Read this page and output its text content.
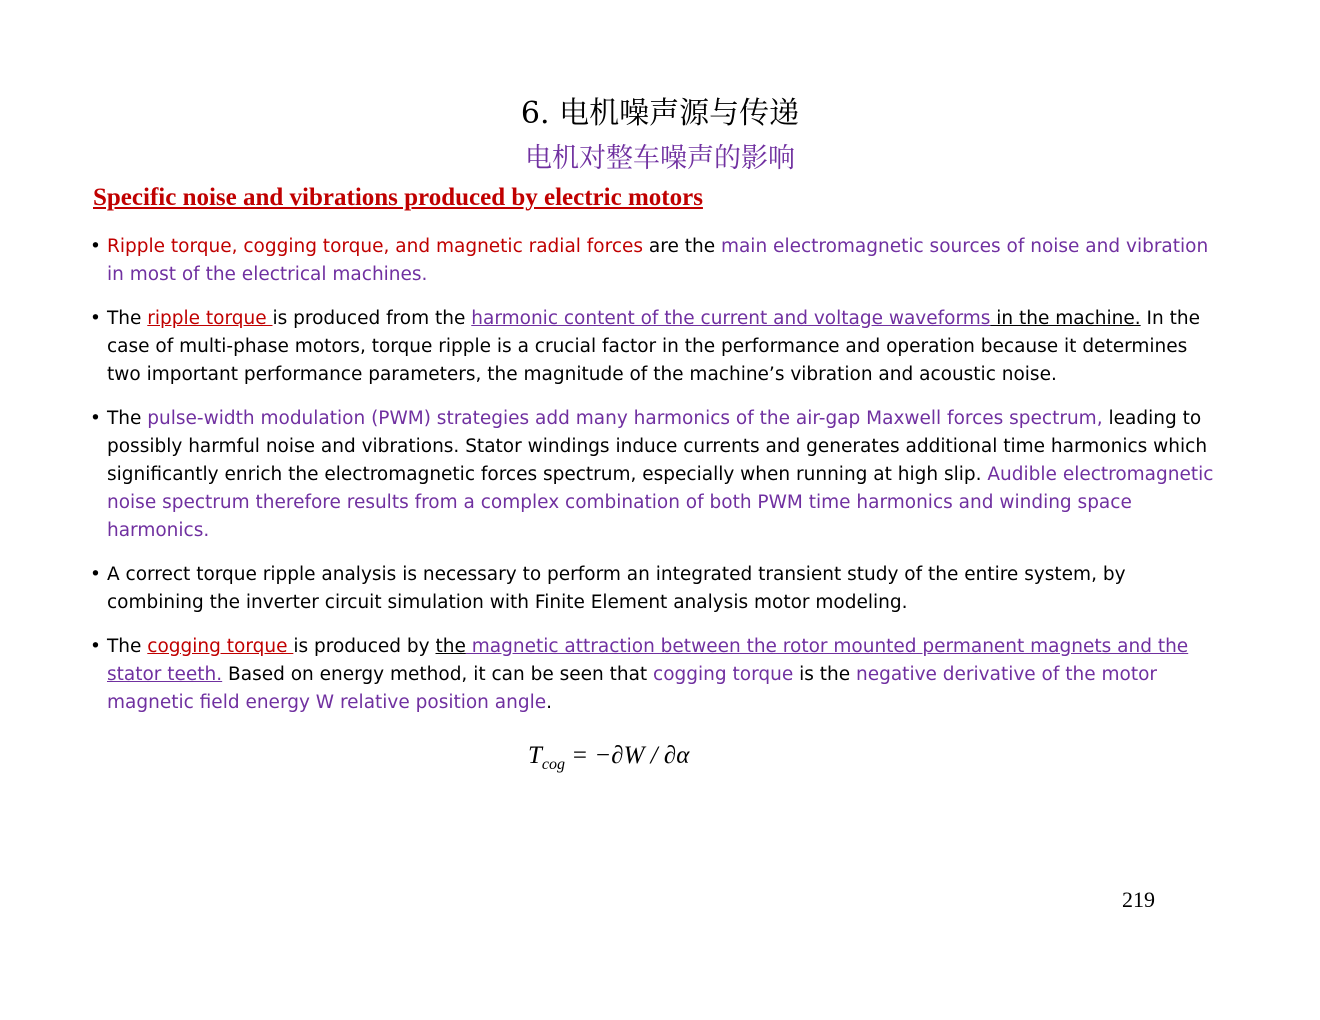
6. 电机噪声源与传递
电机对整车噪声的影响
Specific noise and vibrations produced by electric motors
• Ripple torque, cogging torque, and magnetic radial forces are the main electromagnetic sources of noise and vibration in most of the electrical machines.
• The ripple torque is produced from the harmonic content of the current and voltage waveforms in the machine. In the case of multi-phase motors, torque ripple is a crucial factor in the performance and operation because it determines two important performance parameters, the magnitude of the machine’s vibration and acoustic noise.
• The pulse-width modulation (PWM) strategies add many harmonics of the air-gap Maxwell forces spectrum, leading to possibly harmful noise and vibrations. Stator windings induce currents and generates additional time harmonics which significantly enrich the electromagnetic forces spectrum, especially when running at high slip. Audible electromagnetic noise spectrum therefore results from a complex combination of both PWM time harmonics and winding space harmonics.
• A correct torque ripple analysis is necessary to perform an integrated transient study of the entire system, by combining the inverter circuit simulation with Finite Element analysis motor modeling.
• The cogging torque is produced by the magnetic attraction between the rotor mounted permanent magnets and the stator teeth. Based on energy method, it can be seen that cogging torque is the negative derivative of the motor magnetic field energy W relative position angle.
$T_{cog} = -\partial W / \partial\alpha$
219
